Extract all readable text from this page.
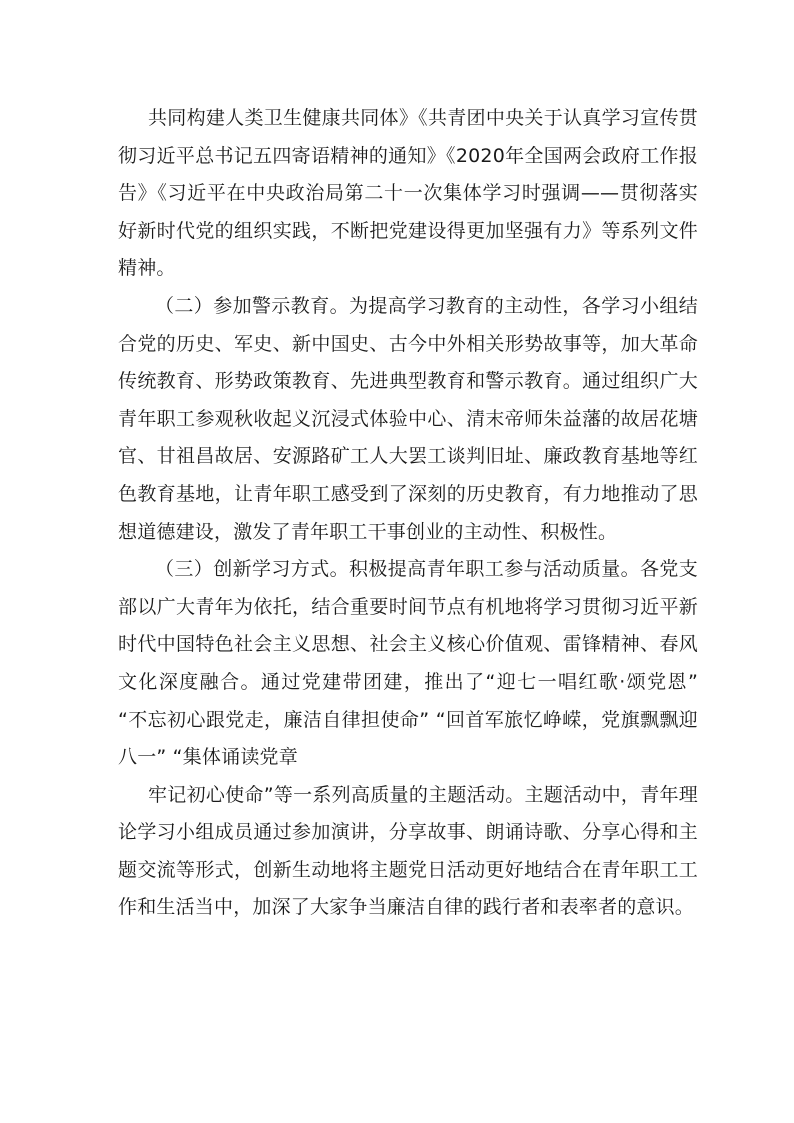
共同构建人类卫生健康共同体》《共青团中央关于认真学习宣传贯彻习近平总书记五四寄语精神的通知》《2020年全国两会政府工作报告》《习近平在中央政治局第二十一次集体学习时强调——贯彻落实好新时代党的组织实践，不断把党建设得更加坚强有力》等系列文件精神。

（二）参加警示教育。为提高学习教育的主动性，各学习小组结合党的历史、军史、新中国史、古今中外相关形势故事等，加大革命传统教育、形势政策教育、先进典型教育和警示教育。通过组织广大青年职工参观秋收起义沉浸式体验中心、清末帝师朱益藩的故居花塘官、甘祖昌故居、安源路矿工人大罢工谈判旧址、廉政教育基地等红色教育基地，让青年职工感受到了深刻的历史教育，有力地推动了思想道德建设，激发了青年职工干事创业的主动性、积极性。

（三）创新学习方式。积极提高青年职工参与活动质量。各党支部以广大青年为依托，结合重要时间节点有机地将学习贯彻习近平新时代中国特色社会主义思想、社会主义核心价值观、雷锋精神、春风文化深度融合。通过党建带团建，推出了“迎七一唱红歌·颂党恩” “不忘初心跟党走，廉洁自律担使命” “回首军旅忆峥嵘，党旗飘飘迎八一” “集体诵读党章

牢记初心使命”等一系列高质量的主题活动。主题活动中，青年理论学习小组成员通过参加演讲，分享故事、朗诵诗歌、分享心得和主题交流等形式，创新生动地将主题党日活动更好地结合在青年职工工作和生活当中，加深了大家争当廉洁自律的践行者和表率者的意识。
